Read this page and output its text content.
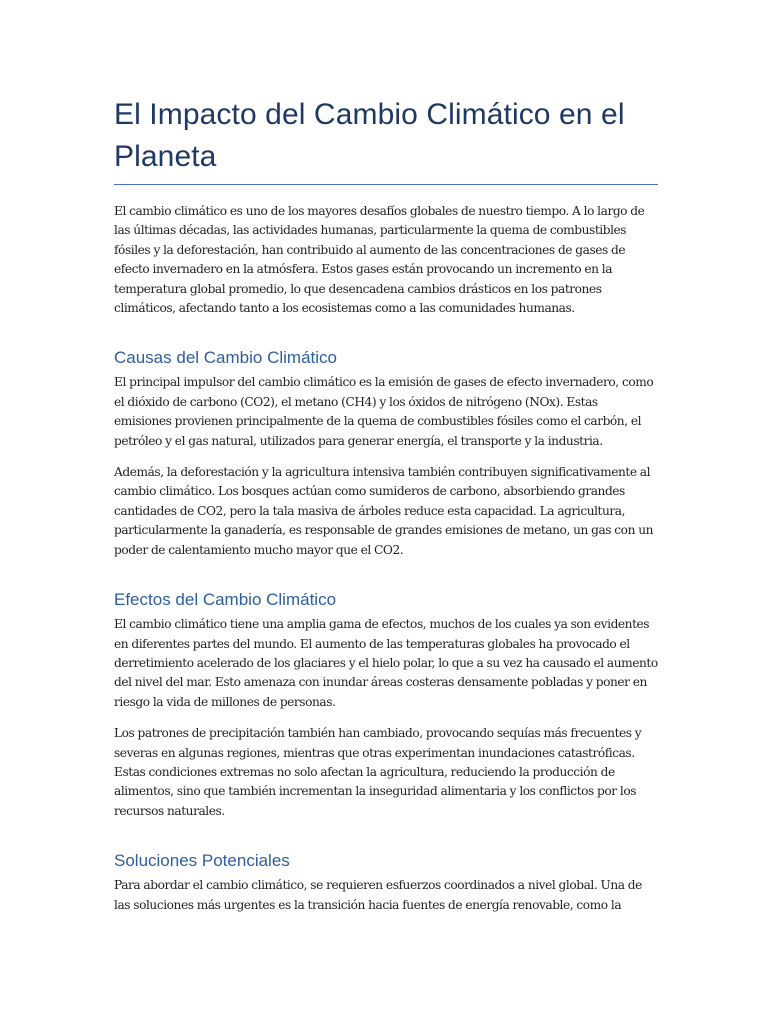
El Impacto del Cambio Climático en el Planeta

El cambio climático es uno de los mayores desafíos globales de nuestro tiempo. A lo largo de las últimas décadas, las actividades humanas, particularmente la quema de combustibles fósiles y la deforestación, han contribuido al aumento de las concentraciones de gases de efecto invernadero en la atmósfera. Estos gases están provocando un incremento en la temperatura global promedio, lo que desencadena cambios drásticos en los patrones climáticos, afectando tanto a los ecosistemas como a las comunidades humanas.

Causas del Cambio Climático

El principal impulsor del cambio climático es la emisión de gases de efecto invernadero, como el dióxido de carbono (CO2), el metano (CH4) y los óxidos de nitrógeno (NOx). Estas emisiones provienen principalmente de la quema de combustibles fósiles como el carbón, el petróleo y el gas natural, utilizados para generar energía, el transporte y la industria.

Además, la deforestación y la agricultura intensiva también contribuyen significativamente al cambio climático. Los bosques actúan como sumideros de carbono, absorbiendo grandes cantidades de CO2, pero la tala masiva de árboles reduce esta capacidad. La agricultura, particularmente la ganadería, es responsable de grandes emisiones de metano, un gas con un poder de calentamiento mucho mayor que el CO2.

Efectos del Cambio Climático

El cambio climático tiene una amplia gama de efectos, muchos de los cuales ya son evidentes en diferentes partes del mundo. El aumento de las temperaturas globales ha provocado el derretimiento acelerado de los glaciares y el hielo polar, lo que a su vez ha causado el aumento del nivel del mar. Esto amenaza con inundar áreas costeras densamente pobladas y poner en riesgo la vida de millones de personas.

Los patrones de precipitación también han cambiado, provocando sequías más frecuentes y severas en algunas regiones, mientras que otras experimentan inundaciones catastróficas. Estas condiciones extremas no solo afectan la agricultura, reduciendo la producción de alimentos, sino que también incrementan la inseguridad alimentaria y los conflictos por los recursos naturales.

Soluciones Potenciales

Para abordar el cambio climático, se requieren esfuerzos coordinados a nivel global. Una de las soluciones más urgentes es la transición hacia fuentes de energía renovable, como la
